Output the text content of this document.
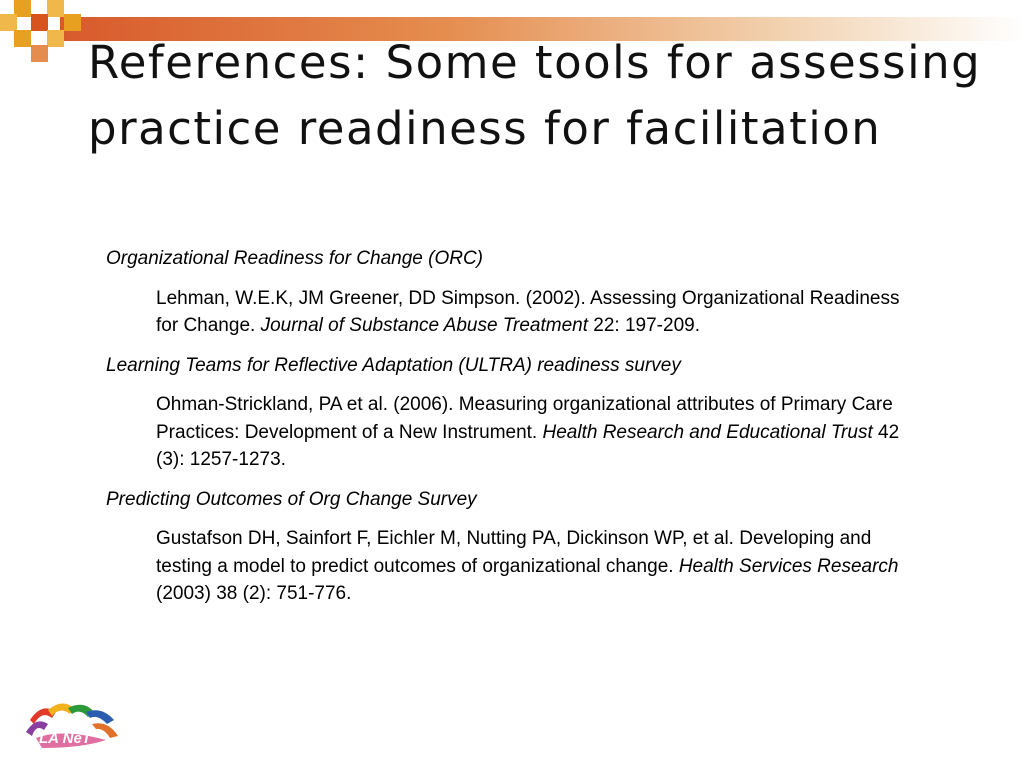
References: Some tools for assessing practice readiness for facilitation

Organizational Readiness for Change (ORC)

Lehman, W.E.K, JM Greener, DD Simpson. (2002). Assessing Organizational Readiness for Change. Journal of Substance Abuse Treatment 22: 197-209.

Learning Teams for Reflective Adaptation (ULTRA) readiness survey

Ohman-Strickland, PA et al. (2006). Measuring organizational attributes of Primary Care Practices: Development of a New Instrument. Health Research and Educational Trust 42 (3): 1257-1273.

Predicting Outcomes of Org Change Survey

Gustafson DH, Sainfort F, Eichler M, Nutting PA, Dickinson WP, et al. Developing and testing a model to predict outcomes of organizational change. Health Services Research (2003) 38 (2): 751-776.

LA NeT
